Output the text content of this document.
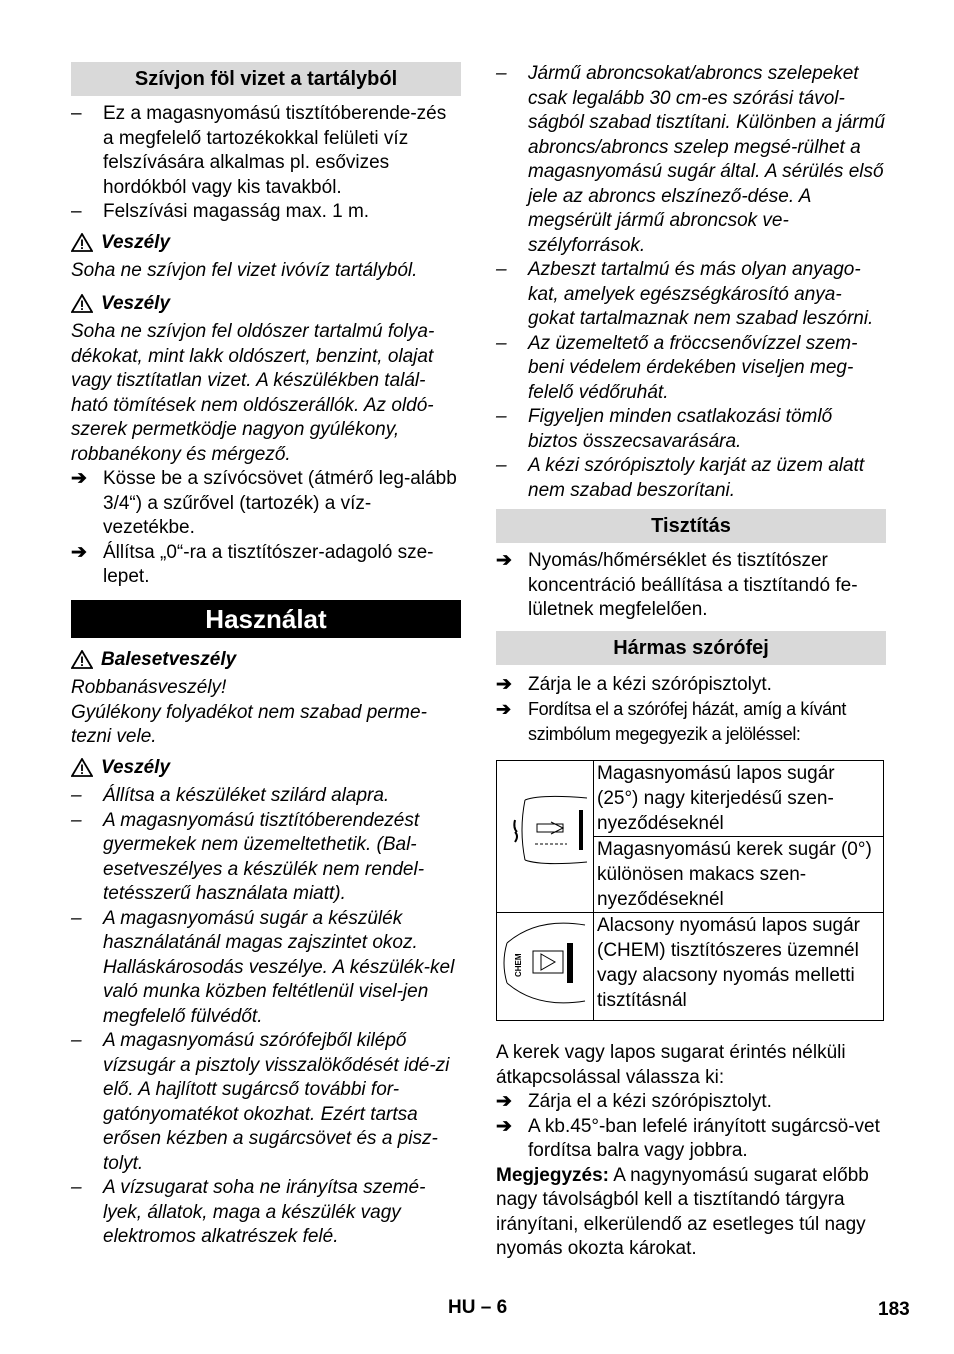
Szívjon föl vizet a tartályból
–	Ez a magasnyomású tisztítóberende-zés a megfelelő tartozékokkal felületi víz felszívására alkalmas pl. esővizes hordókból vagy kis tavakból.
–	Felszívási magasság max. 1 m.
Veszély
Soha ne szívjon fel vizet ivóvíz tartályból.
Veszély
Soha ne szívjon fel oldószer tartalmú folya-dékokat, mint lakk oldószert, benzint, olajat vagy tisztítatlan vizet. A készülékben talál-ható tömítések nem oldószerállók. Az oldó-szerek permetködje nagyon gyúlékony, robbanékony és mérgező.
➔ Kösse be a szívócsövet (átmérő leg-alább 3/4“) a szűrővel (tartozék) a víz-vezetékbe.
➔ Állítsa „0“-ra a tisztítószer-adagoló sze-lepet.
Használat
Balesetveszély
Robbanásveszély!
Gyúlékony folyadékot nem szabad perme-tezni vele.
Veszély
–	Állítsa a készüléket szilárd alapra.
–	A magasnyomású tisztítóberendezést gyermekek nem üzemeltethetik. (Bal-esetveszélyes a készülék nem rendel-tetésszerű használata miatt).
–	A magasnyomású sugár a készülék használatánál magas zajszintet okoz. Halláskárosodás veszélye. A készülék-kel való munka közben feltétlenül visel-jen megfelelő fülvédőt.
–	A magasnyomású szórófejből kilépő vízsugár a pisztoly visszalökődését idé-zi elő. A hajlított sugárcső további for-gatónyomatékot okozhat. Ezért tartsa erősen kézben a sugárcsövet és a pisz-tolyt.
–	A vízsugarat soha ne irányítsa szemé-lyek, állatok, maga a készülék vagy elektromos alkatrészek felé.
–	Jármű abroncsokat/abroncs szelepeket csak legalább 30 cm-es szórási távol-ságból szabad tisztítani. Különben a jármű abroncs/abroncs szelep megsé-rülhet a magasnyomású sugár által. A sérülés első jele az abroncs elszínező-dése. A megsérült jármű abroncsok ve-szélyforrások.
–	Azbeszt tartalmú és más olyan anyago-kat, amelyek egészségkárosító anya-gokat tartalmaznak nem szabad leszórni.
–	Az üzemeltető a fröccsenővízzel szem-beni védelem érdekében viseljen meg-felelő védőruhát.
–	Figyeljen minden csatlakozási tömlő biztos összecsavarására.
–	A kézi szórópisztoly karját az üzem alatt nem szabad beszorítani.
Tisztítás
➔ Nyomás/hőmérséklet és tisztítószer koncentráció beállítása a tisztítandó fe-lületnek megfelelően.
Hármas szórófej
➔ Zárja le a kézi szórópisztolyt.
➔ Fordítsa el a szórófej házát, amíg a kívánt szimbólum megegyezik a jelöléssel:
	Magasnyomású lapos sugár (25°) nagy kiterjedésű szen-nyeződéseknél
	Magasnyomású kerek sugár (0°) különösen makacs szen-nyeződéseknél

CHEM	Alacsony nyomású lapos sugár (CHEM) tisztítószeres üzemnél vagy alacsony nyomás melletti tisztításnál
A kerek vagy lapos sugarat érintés nélküli átkapcsolással válassza ki:
➔ Zárja el a kézi szórópisztolyt.
➔ A kb.45°-ban lefelé irányított sugárcsö-vet fordítsa balra vagy jobbra.
Megjegyzés: A nagynyomású sugarat előbb nagy távolságból kell a tisztítandó tárgyra irányítani, elkerülendő az esetleges túl nagy nyomás okozta károkat.
HU – 6	183
